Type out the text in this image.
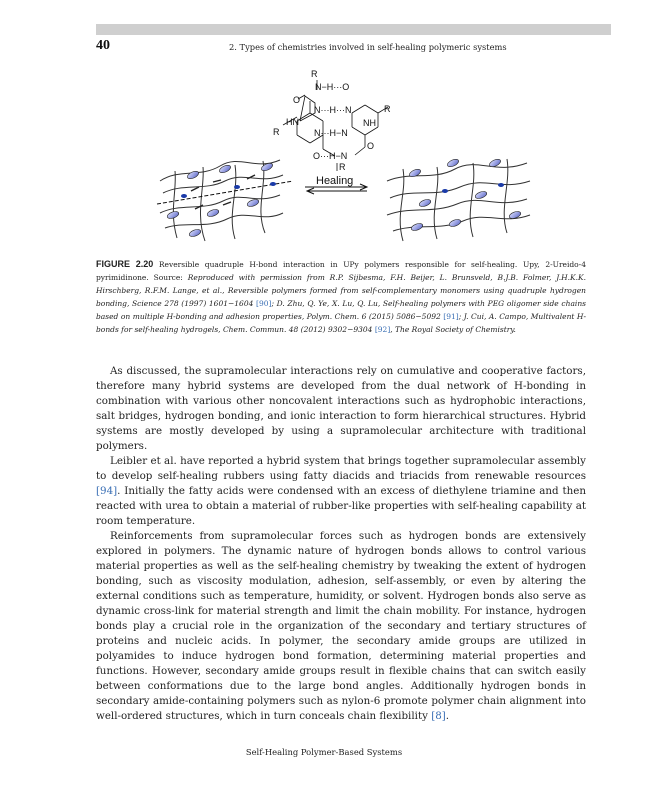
40	2. Types of chemistries involved in self-healing polymeric systems
R
N−H···O
O
N···H···N	R
HN	NH
R	N···H−N
O
O···H−N
R
Healing
FIGURE 2.20 Reversible quadruple H-bond interaction in UPy polymers responsible for self-healing. Upy, 2-Ureido-4 pyrimidinone. Source: Reproduced with permission from R.P. Sijbesma, F.H. Beijer, L. Brunsveld, B.J.B. Folmer, J.H.K.K. Hirschberg, R.F.M. Lange, et al., Reversible polymers formed from self-complementary monomers using quadruple hydrogen bonding, Science 278 (1997) 1601−1604 [90]; D. Zhu, Q. Ye, X. Lu, Q. Lu, Self-healing polymers with PEG oligomer side chains based on multiple H-bonding and adhesion properties, Polym. Chem. 6 (2015) 5086−5092 [91]; J. Cui, A. Campo, Multivalent H-bonds for self-healing hydrogels, Chem. Commun. 48 (2012) 9302−9304 [92], The Royal Society of Chemistry.

As discussed, the supramolecular interactions rely on cumulative and cooperative factors, therefore many hybrid systems are developed from the dual network of H-bonding in combination with various other noncovalent interactions such as hydrophobic interactions, salt bridges, hydrogen bonding, and ionic interaction to form hierarchical structures. Hybrid systems are mostly developed by using a supramolecular architecture with traditional polymers.

Leibler et al. have reported a hybrid system that brings together supramolecular assembly to develop self-healing rubbers using fatty diacids and triacids from renewable resources [94]. Initially the fatty acids were condensed with an excess of diethylene triamine and then reacted with urea to obtain a material of rubber-like properties with self-healing capability at room temperature.

Reinforcements from supramolecular forces such as hydrogen bonds are extensively explored in polymers. The dynamic nature of hydrogen bonds allows to control various material properties as well as the self-healing chemistry by tweaking the extent of hydrogen bonding, such as viscosity modulation, adhesion, self-assembly, or even by altering the external conditions such as temperature, humidity, or solvent. Hydrogen bonds also serve as dynamic cross-link for material strength and limit the chain mobility. For instance, hydrogen bonds play a crucial role in the organization of the secondary and tertiary structures of proteins and nucleic acids. In polymer, the secondary amide groups are utilized in polyamides to induce hydrogen bond formation, determining material properties and functions. However, secondary amide groups result in flexible chains that can switch easily between conformations due to the large bond angles. Additionally hydrogen bonds in secondary amide-containing polymers such as nylon-6 promote polymer chain alignment into well-ordered structures, which in turn conceals chain flexibility [8].

Self-Healing Polymer-Based Systems
